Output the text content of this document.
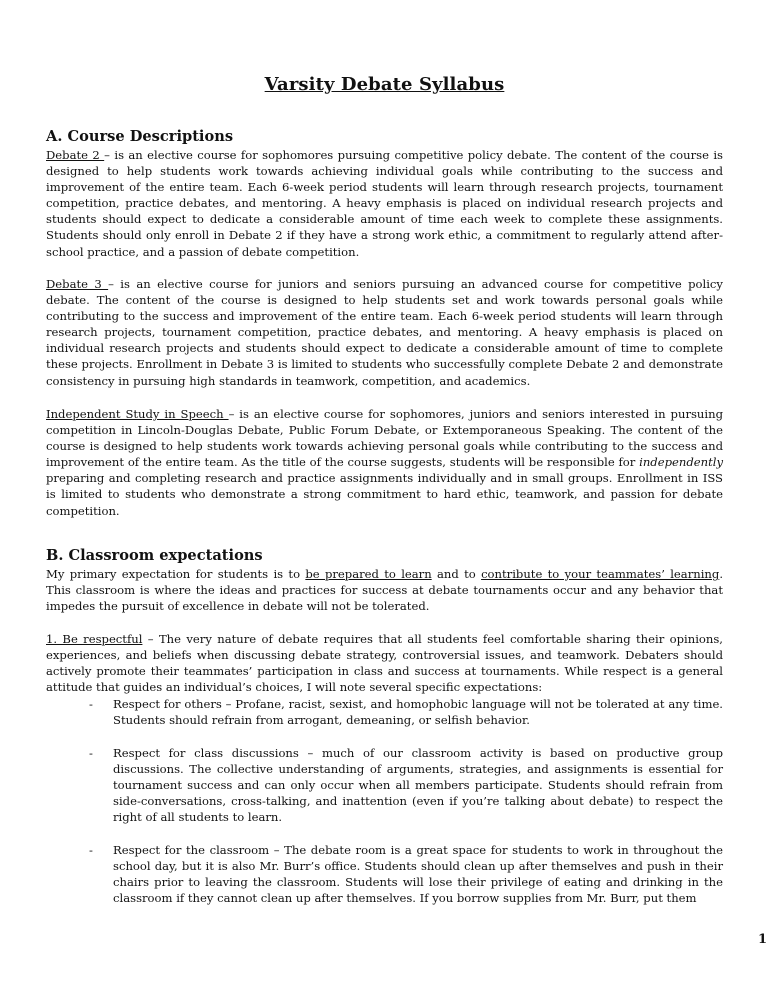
Varsity Debate Syllabus
A. Course Descriptions

Debate 2 – is an elective course for sophomores pursuing competitive policy debate. The content of the course is designed to help students work towards achieving individual goals while contributing to the success and improvement of the entire team. Each 6-week period students will learn through research projects, tournament competition, practice debates, and mentoring. A heavy emphasis is placed on individual research projects and students should expect to dedicate a considerable amount of time each week to complete these assignments. Students should only enroll in Debate 2 if they have a strong work ethic, a commitment to regularly attend after-school practice, and a passion of debate competition.

Debate 3 – is an elective course for juniors and seniors pursuing an advanced course for competitive policy debate. The content of the course is designed to help students set and work towards personal goals while contributing to the success and improvement of the entire team. Each 6-week period students will learn through research projects, tournament competition, practice debates, and mentoring. A heavy emphasis is placed on individual research projects and students should expect to dedicate a considerable amount of time to complete these projects. Enrollment in Debate 3 is limited to students who successfully complete Debate 2 and demonstrate consistency in pursuing high standards in teamwork, competition, and academics.

Independent Study in Speech – is an elective course for sophomores, juniors and seniors interested in pursuing competition in Lincoln-Douglas Debate, Public Forum Debate, or Extemporaneous Speaking. The content of the course is designed to help students work towards achieving personal goals while contributing to the success and improvement of the entire team. As the title of the course suggests, students will be responsible for independently preparing and completing research and practice assignments individually and in small groups. Enrollment in ISS is limited to students who demonstrate a strong commitment to hard ethic, teamwork, and passion for debate competition.

B. Classroom expectations

My primary expectation for students is to be prepared to learn and to contribute to your teammates’ learning. This classroom is where the ideas and practices for success at debate tournaments occur and any behavior that impedes the pursuit of excellence in debate will not be tolerated.

1. Be respectful – The very nature of debate requires that all students feel comfortable sharing their opinions, experiences, and beliefs when discussing debate strategy, controversial issues, and teamwork. Debaters should actively promote their teammates’ participation in class and success at tournaments. While respect is a general attitude that guides an individual’s choices, I will note several specific expectations:

- Respect for others – Profane, racist, sexist, and homophobic language will not be tolerated at any time. Students should refrain from arrogant, demeaning, or selfish behavior.
- Respect for class discussions – much of our classroom activity is based on productive group discussions. The collective understanding of arguments, strategies, and assignments is essential for tournament success and can only occur when all members participate. Students should refrain from side-conversations, cross-talking, and inattention (even if you’re talking about debate) to respect the right of all students to learn.
- Respect for the classroom – The debate room is a great space for students to work in throughout the school day, but it is also Mr. Burr’s office. Students should clean up after themselves and push in their chairs prior to leaving the classroom. Students will lose their privilege of eating and drinking in the classroom if they cannot clean up after themselves. If you borrow supplies from Mr. Burr, put them
1
